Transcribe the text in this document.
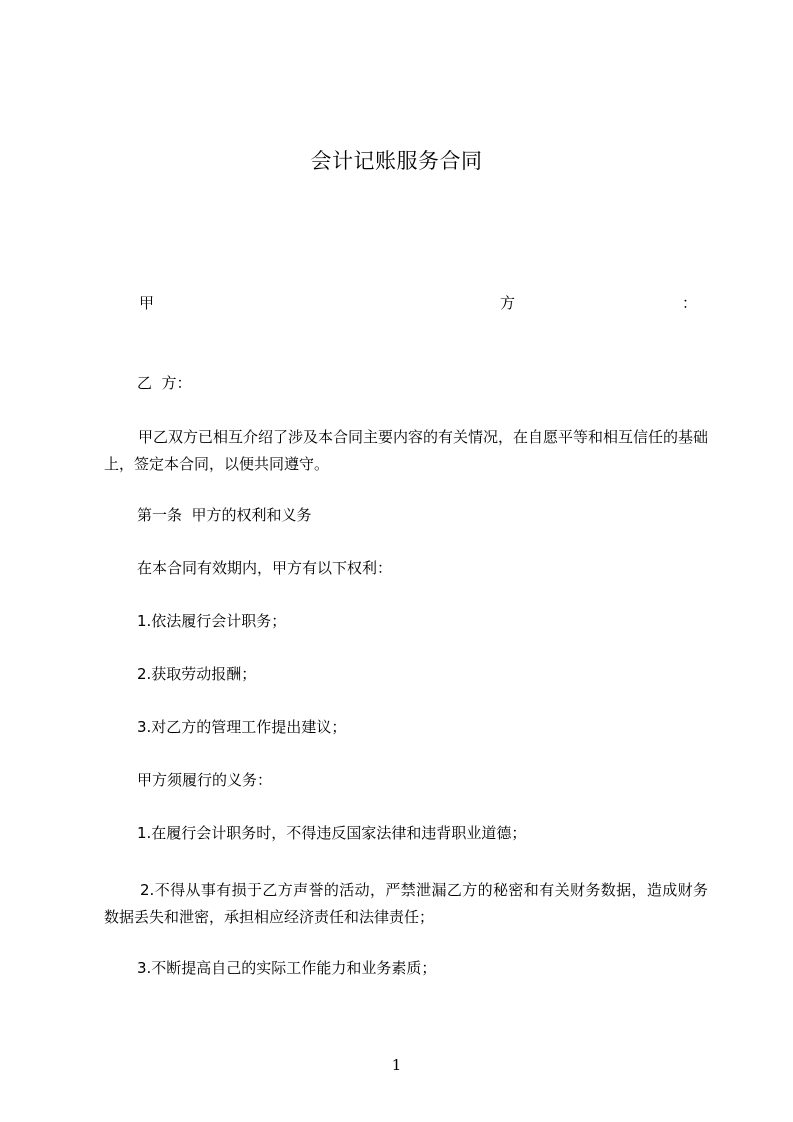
会计记账服务合同
甲	方	：
乙  方：
甲乙双方已相互介绍了涉及本合同主要内容的有关情况，在自愿平等和相互信任的基础上，签定本合同，以便共同遵守。
第一条  甲方的权利和义务
在本合同有效期内，甲方有以下权利：
1.依法履行会计职务；
2.获取劳动报酬；
3.对乙方的管理工作提出建议；
甲方须履行的义务：
1.在履行会计职务时，不得违反国家法律和违背职业道德；
2.不得从事有损于乙方声誉的活动，严禁泄漏乙方的秘密和有关财务数据，造成财务数据丢失和泄密，承担相应经济责任和法律责任；
3.不断提高自己的实际工作能力和业务素质；
1
